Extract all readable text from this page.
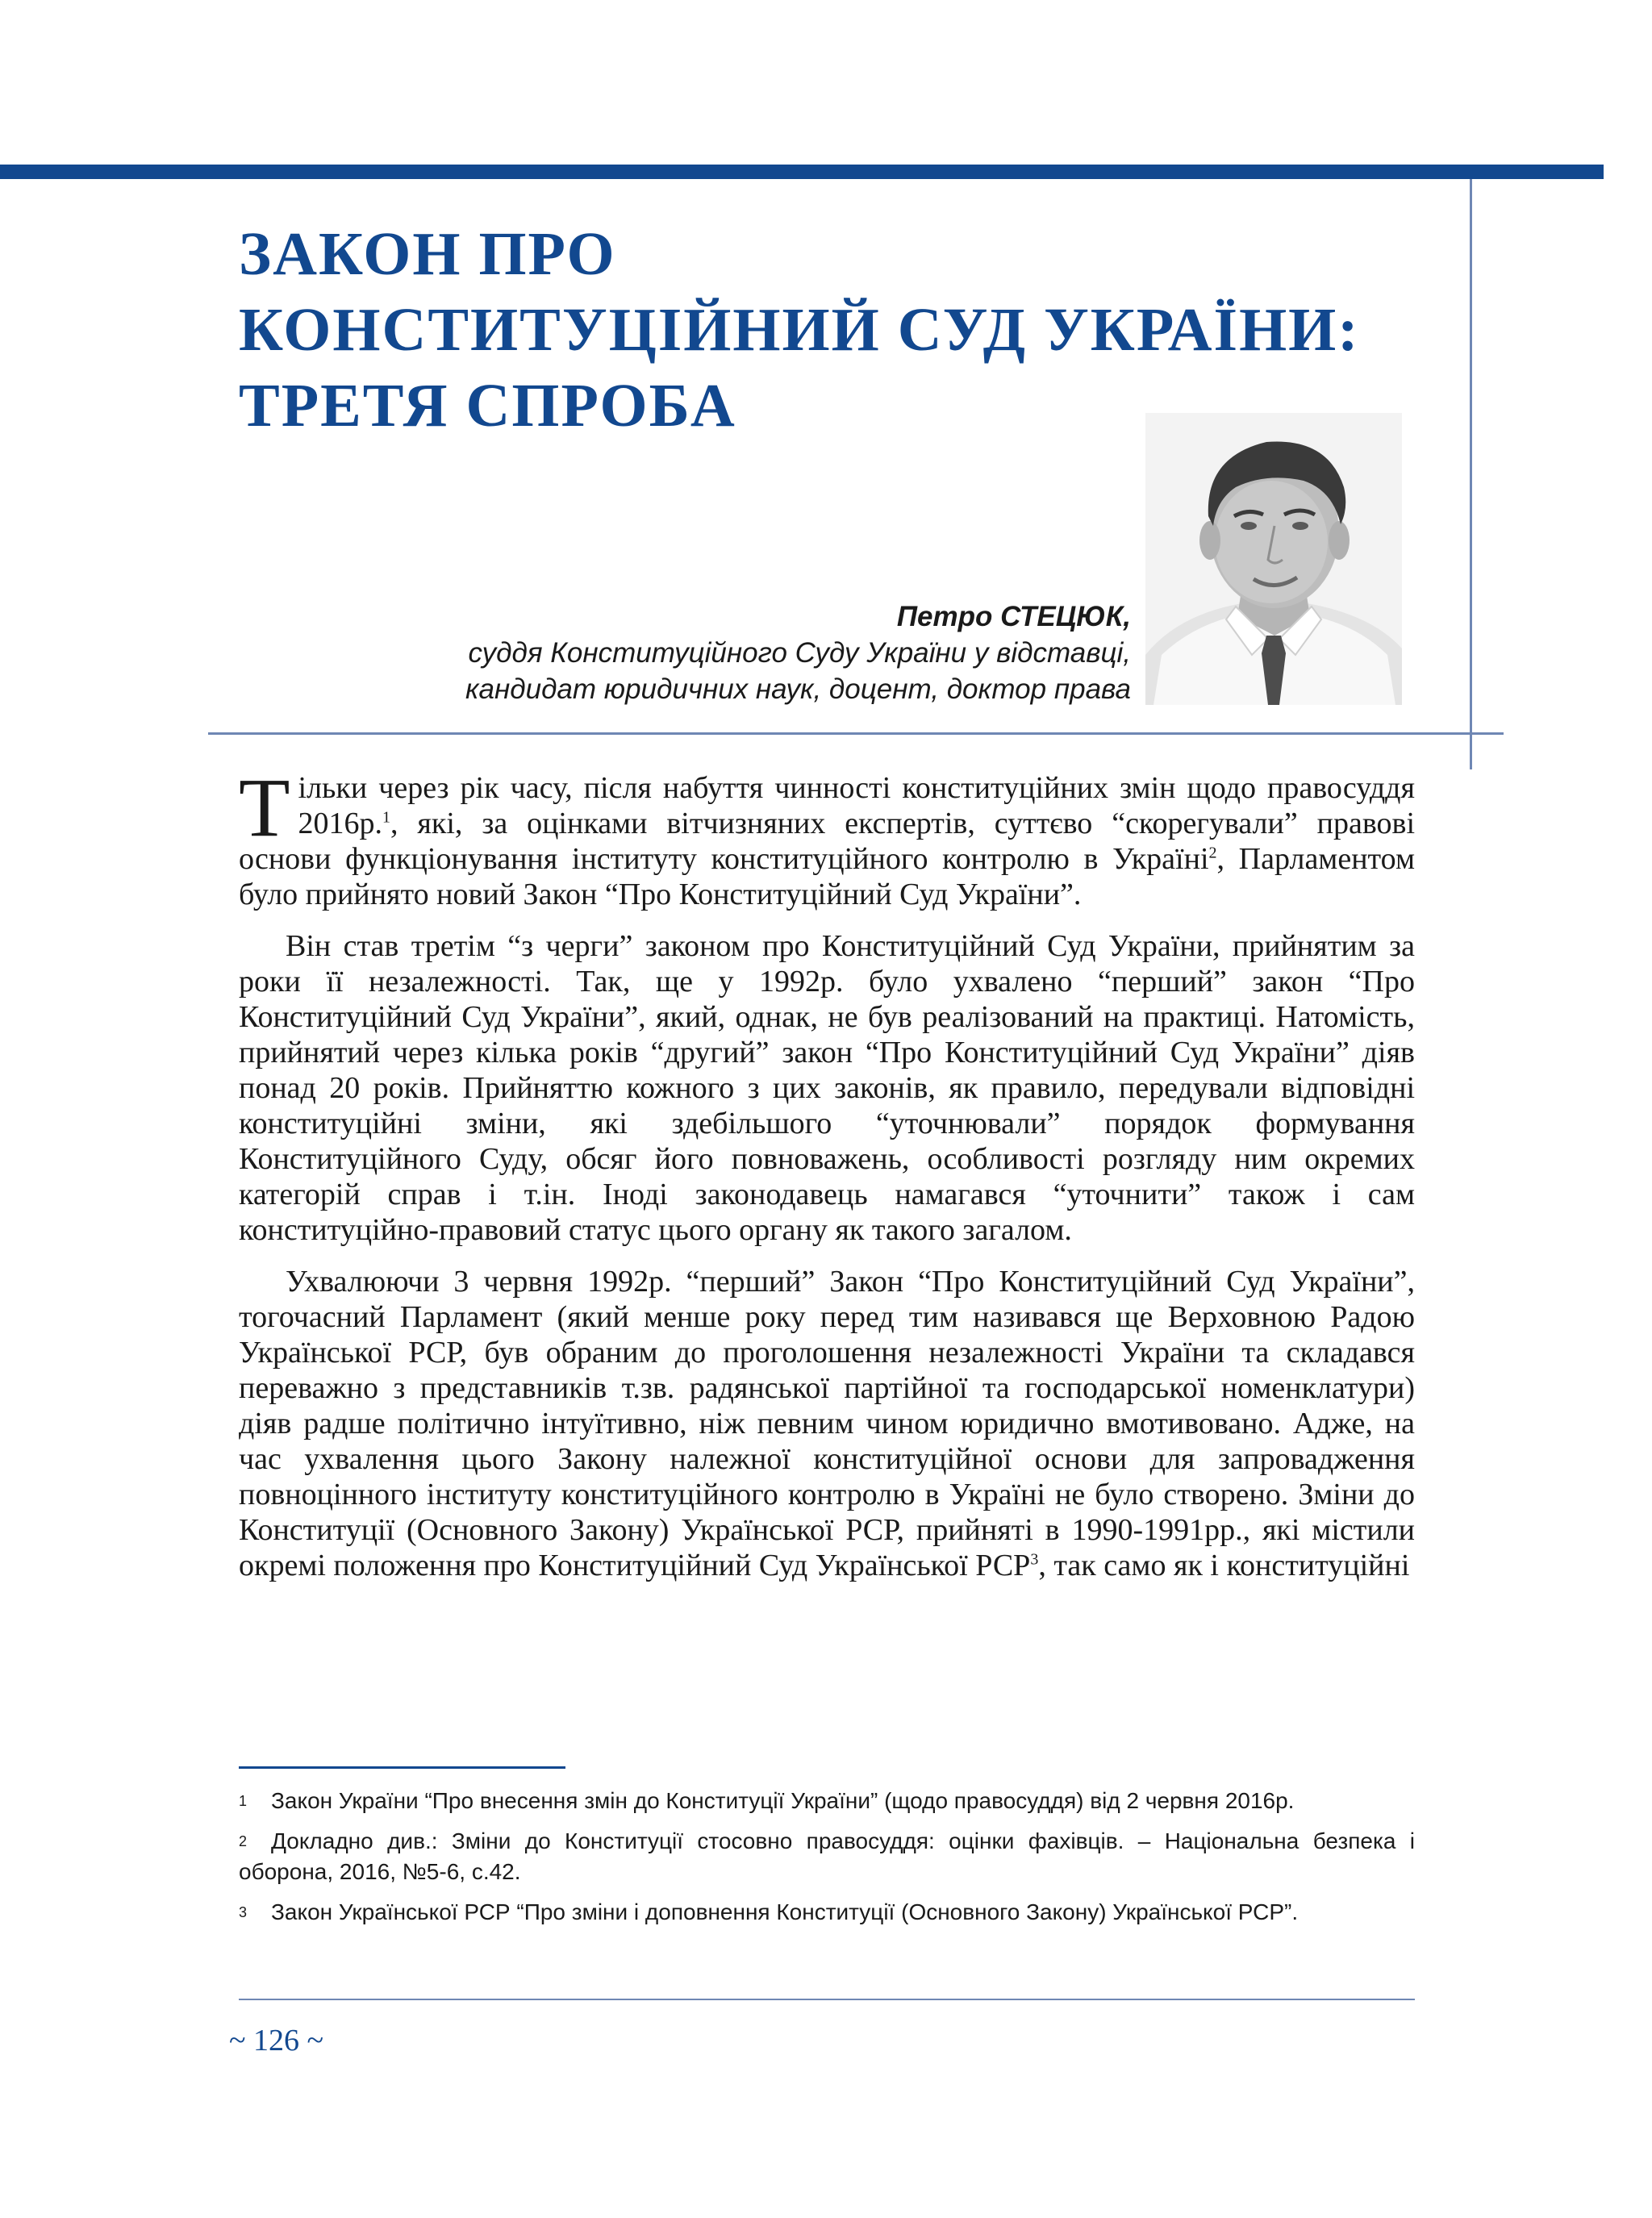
ЗАКОН ПРО
КОНСТИТУЦІЙНИЙ СУД УКРАЇНИ:
ТРЕТЯ СПРОБА
Петро СТЕЦЮК,
суддя Конституційного Суду України у відставці,
кандидат юридичних наук, доцент, доктор права

Тільки через рік часу, після набуття чинності конституційних змін щодо правосуддя 2016р.$^1$, які, за оцінками вітчизняних експертів, суттєво “скорегували” правові основи функціонування інституту конституційного контролю в Україні$^2$, Парламентом було прийнято новий Закон “Про Конституційний Суд України”.

Він став третім “з черги” законом про Конституційний Суд України, прийнятим за роки її незалежності. Так, ще у 1992р. було ухвалено “перший” закон “Про Конституційний Суд України”, який, однак, не був реалізований на практиці. Натомість, прийнятий через кілька років “другий” закон “Про Конституційний Суд України” діяв понад 20 років. Прийняттю кожного з цих законів, як правило, передували відповідні конституційні зміни, які здебільшого “уточнювали” порядок формування Конституційного Суду, обсяг його повноважень, особливості розгляду ним окремих категорій справ і т.ін. Іноді законодавець намагався “уточнити” також і сам конституційно-правовий статус цього органу як такого загалом.

Ухвалюючи 3 червня 1992р. “перший” Закон “Про Конституційний Суд України”, тогочасний Парламент (який менше року перед тим називався ще Верховною Радою Української РСР, був обраним до проголошення незалежності України та складався переважно з представників т.зв. радянської партійної та господарської номенклатури) діяв радше політично інтуїтивно, ніж певним чином юридично вмотивовано. Адже, на час ухвалення цього Закону належної конституційної основи для запровадження повноцінного інституту конституційного контролю в Україні не було створено. Зміни до Конституції (Основного Закону) Української РСР, прийняті в 1990-1991рр., які містили окремі положення про Конституційний Суд Української РСР$^3$, так само як і конституційні

$^1$ Закон України “Про внесення змін до Конституції України” (щодо правосуддя) від 2 червня 2016р.

$^2$ Докладно див.: Зміни до Конституції стосовно правосуддя: оцінки фахівців. – Національна безпека і оборона, 2016, №5-6, с.42.

$^3$ Закон Української РСР “Про зміни і доповнення Конституції (Основного Закону) Української РСР”.

~ 126 ~
